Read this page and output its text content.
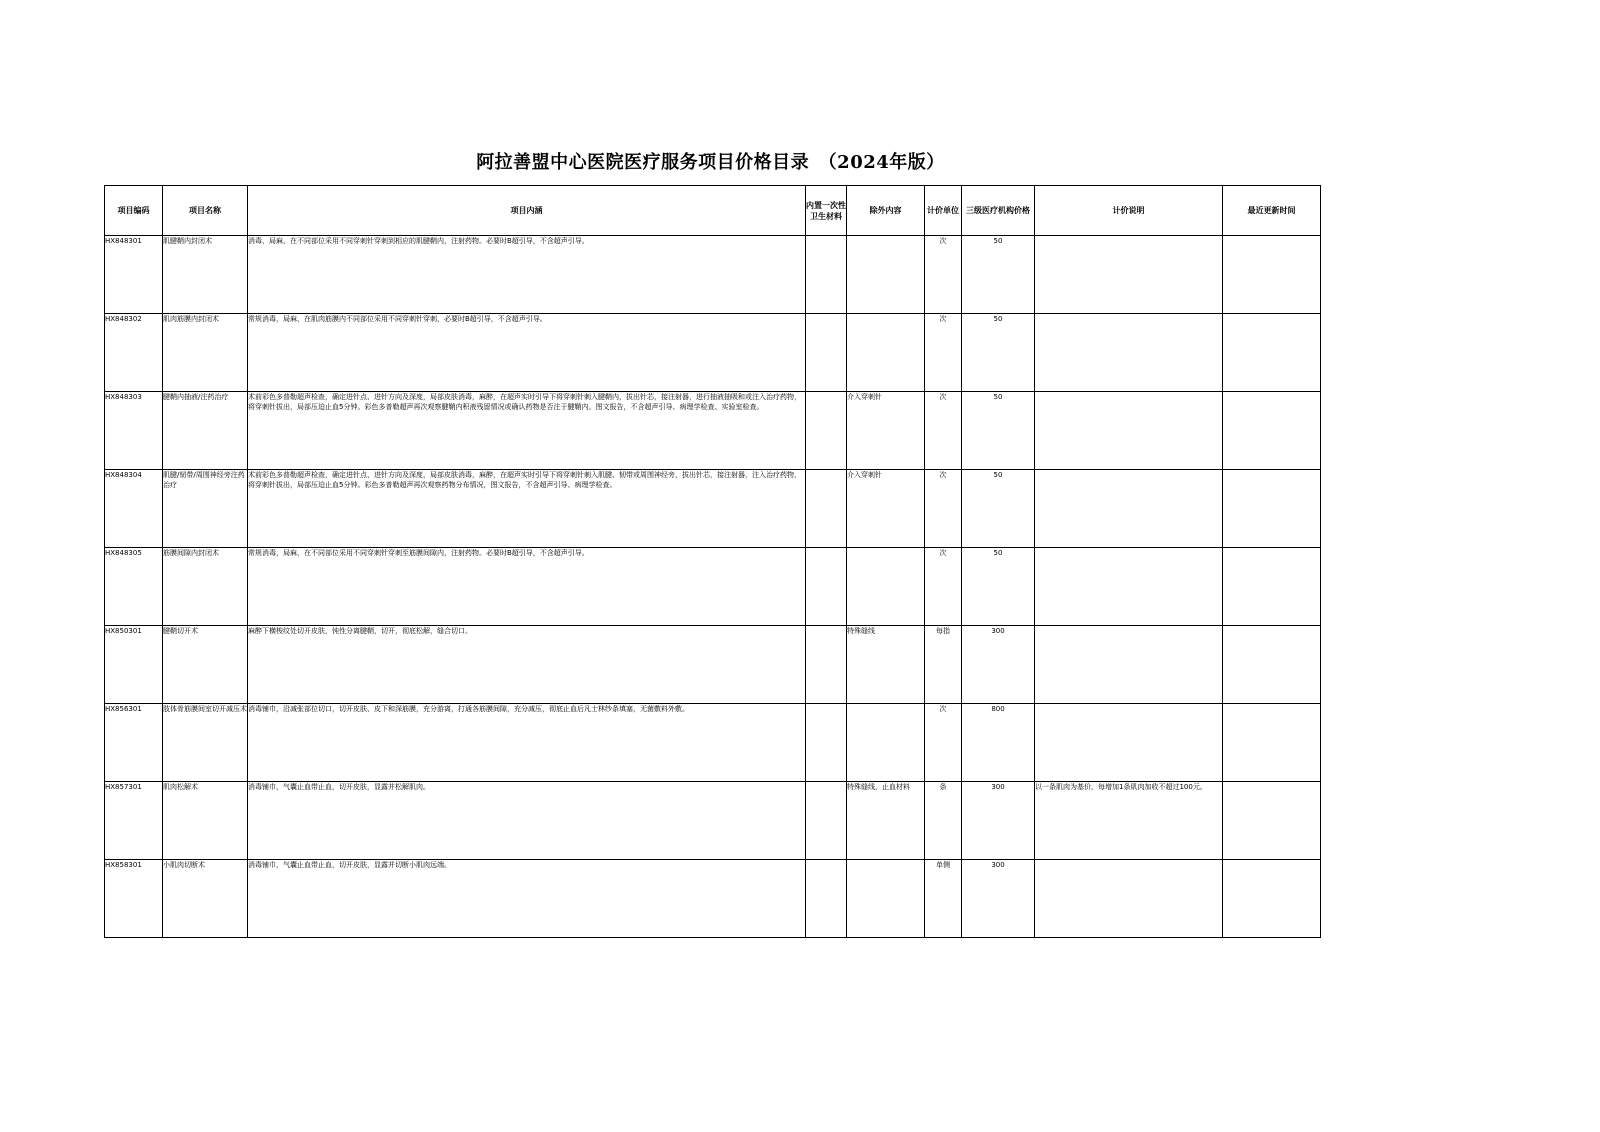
阿拉善盟中心医院医疗服务项目价格目录　（2024年版）
项目编码	项目名称	项目内涵	内置一次性卫生材料	除外内容	计价单位	三级医疗机构价格	计价说明	最近更新时间
HX848301	肌腱鞘内封闭术	消毒，局麻，在不同部位采用不同穿刺针穿刺到相应的肌腱鞘内，注射药物。必要时B超引导，不含超声引导。			次	50		
HX848302	肌肉筋膜内封闭术	常规消毒，局麻，在肌肉筋膜内不同部位采用不同穿刺针穿刺，必要时B超引导，不含超声引导。			次	50		
HX848303	腱鞘内抽液/注药治疗	术前彩色多普勒超声检查，确定进针点、进针方向及深度，局部皮肤消毒，麻醉，在超声实时引导下将穿刺针刺入腱鞘内，拔出针芯，接注射器，进行抽液抽吸和或注入治疗药物，将穿刺针拔出，局部压迫止血5分钟。彩色多普勒超声再次观察腱鞘内积液残留情况或确认药物是否注于腱鞘内。图文报告，不含超声引导、病理学检查、实验室检查。		介入穿刺针	次	50		
HX848304	肌腱/韧带/周围神经旁注药治疗	术前彩色多普勒超声检查，确定进针点、进针方向及深度，局部皮肤消毒，麻醉，在超声实时引导下将穿刺针刺入肌腱、韧带或周围神经旁，拔出针芯，接注射器，注入治疗药物，将穿刺针拔出，局部压迫止血5分钟。彩色多普勒超声再次观察药物分布情况，图文报告，不含超声引导、病理学检查。		介入穿刺针	次	50		
HX848305	筋膜间隙内封闭术	常规消毒，局麻，在不同部位采用不同穿刺针穿刺至筋膜间隙内，注射药物。必要时B超引导，不含超声引导。			次	50		
HX850301	腱鞘切开术	麻醉下横梭纹处切开皮肤，钝性分离腱鞘，切开，彻底松解，缝合切口。		特殊缝线	每指	300		
HX856301	肢体骨筋膜间室切开减压术	消毒铺巾，沿减张部位切口，切开皮肤、皮下和深筋膜，充分游离，打通各筋膜间隙，充分减压，彻底止血后凡士林纱条填塞，无菌敷料外敷。			次	800		
HX857301	肌肉松解术	消毒铺巾，气囊止血带止血，切开皮肤，显露并松解肌肉。		特殊缝线，止血材料	条	300	以一条肌肉为基价，每增加1条肌肉加收不超过100元。	
HX858301	小肌肉切断术	消毒铺巾，气囊止血带止血，切开皮肤，显露并切断小肌肉远端。			单侧	300		
